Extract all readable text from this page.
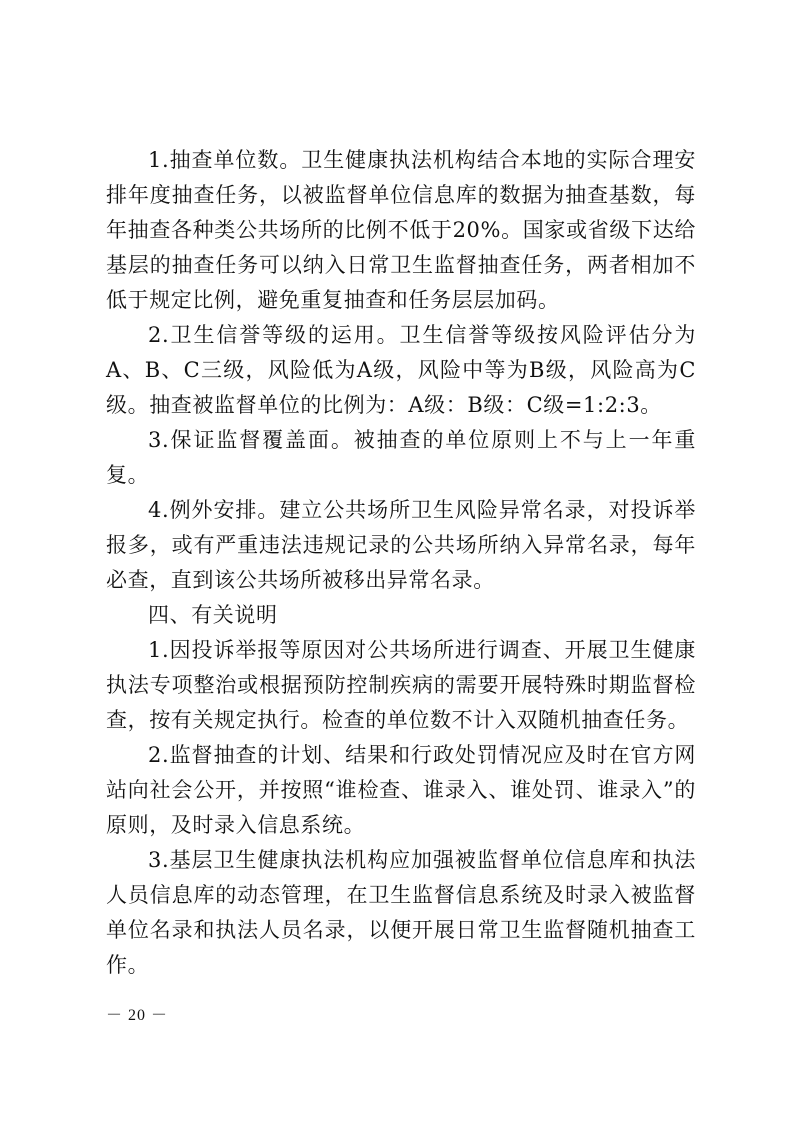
1.抽查单位数。卫生健康执法机构结合本地的实际合理安排年度抽查任务，以被监督单位信息库的数据为抽查基数，每年抽查各种类公共场所的比例不低于20%。国家或省级下达给基层的抽查任务可以纳入日常卫生监督抽查任务，两者相加不低于规定比例，避免重复抽查和任务层层加码。

2.卫生信誉等级的运用。卫生信誉等级按风险评估分为A、B、C三级，风险低为A级，风险中等为B级，风险高为C级。抽查被监督单位的比例为：A级：B级：C级=1:2:3。

3.保证监督覆盖面。被抽查的单位原则上不与上一年重复。

4.例外安排。建立公共场所卫生风险异常名录，对投诉举报多，或有严重违法违规记录的公共场所纳入异常名录，每年必查，直到该公共场所被移出异常名录。

四、有关说明

1.因投诉举报等原因对公共场所进行调查、开展卫生健康执法专项整治或根据预防控制疾病的需要开展特殊时期监督检查，按有关规定执行。检查的单位数不计入双随机抽查任务。

2.监督抽查的计划、结果和行政处罚情况应及时在官方网站向社会公开，并按照“谁检查、谁录入、谁处罚、谁录入”的原则，及时录入信息系统。

3.基层卫生健康执法机构应加强被监督单位信息库和执法人员信息库的动态管理，在卫生监督信息系统及时录入被监督单位名录和执法人员名录，以便开展日常卫生监督随机抽查工作。

－ 20 －
